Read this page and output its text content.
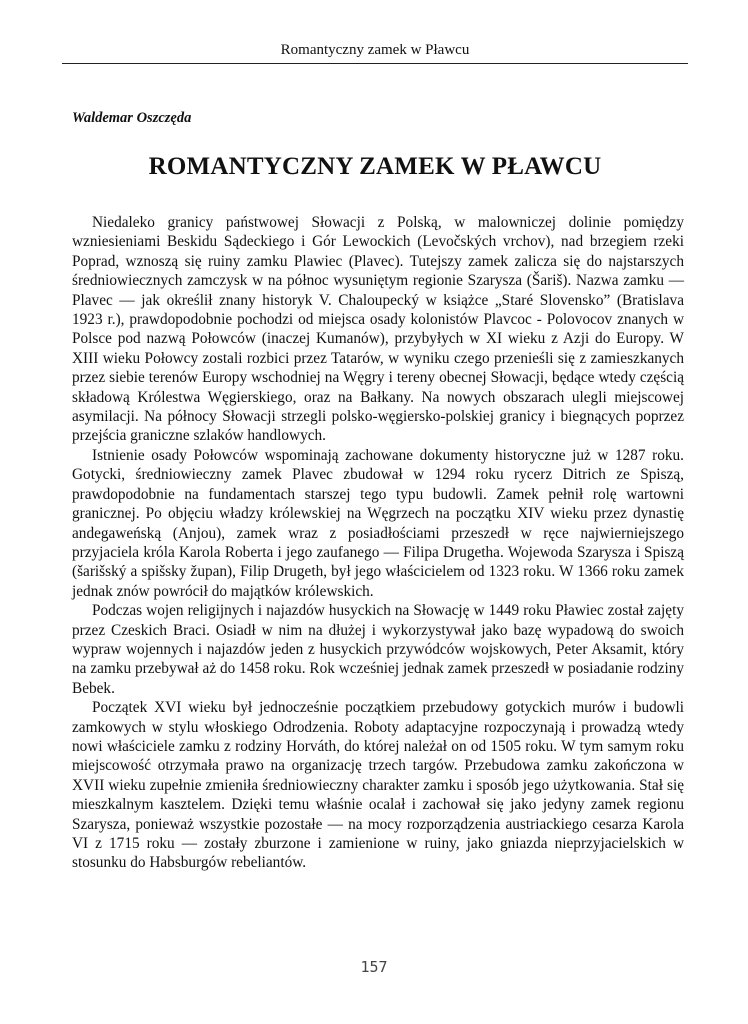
Romantyczny zamek w Pławcu
Waldemar Oszczęda
ROMANTYCZNY ZAMEK W PŁAWCU

Niedaleko granicy państwowej Słowacji z Polską, w malowniczej dolinie pomiędzy wzniesieniami Beskidu Sądeckiego i Gór Lewockich (Levočských vrchov), nad brzegiem rzeki Poprad, wznoszą się ruiny zamku Plawiec (Plavec). Tutejszy zamek zalicza się do najstarszych średniowiecznych zamczysk w na północ wysuniętym regionie Szarysza (Šariš). Nazwa zamku — Plavec — jak określił znany historyk V. Chaloupecký w książce „Staré Slovensko” (Bratislava 1923 r.), prawdopodobnie pochodzi od miejsca osady kolonistów Plavcoc - Polovocov znanych w Polsce pod nazwą Połowców (inaczej Kumanów), przybyłych w XI wieku z Azji do Europy. W XIII wieku Połowcy zostali rozbici przez Tatarów, w wyniku czego przenieśli się z zamieszkanych przez siebie terenów Europy wschodniej na Węgry i tereny obecnej Słowacji, będące wtedy częścią składową Królestwa Węgierskiego, oraz na Bałkany. Na nowych obszarach ulegli miejscowej asymilacji. Na północy Słowacji strzegli polsko-węgiersko-polskiej granicy i biegnących poprzez przejścia graniczne szlaków handlowych.

Istnienie osady Połowców wspominają zachowane dokumenty historyczne już w 1287 roku. Gotycki, średniowieczny zamek Plavec zbudował w 1294 roku rycerz Ditrich ze Spiszą, prawdopodobnie na fundamentach starszej tego typu budowli. Zamek pełnił rolę wartowni granicznej. Po objęciu władzy królewskiej na Węgrzech na początku XIV wieku przez dynastię andegaweńską (Anjou), zamek wraz z posiadłościami przeszedł w ręce najwierniejszego przyjaciela króla Karola Roberta i jego zaufanego — Filipa Drugetha. Wojewoda Szarysza i Spiszą (šarišský a spišsky župan), Filip Drugeth, był jego właścicielem od 1323 roku. W 1366 roku zamek jednak znów powrócił do majątków królewskich.

Podczas wojen religijnych i najazdów husyckich na Słowację w 1449 roku Pławiec został zajęty przez Czeskich Braci. Osiadł w nim na dłużej i wykorzystywał jako bazę wypadową do swoich wypraw wojennych i najazdów jeden z husyckich przywódców wojskowych, Peter Aksamit, który na zamku przebywał aż do 1458 roku. Rok wcześniej jednak zamek przeszedł w posiadanie rodziny Bebek.

Początek XVI wieku był jednocześnie początkiem przebudowy gotyckich murów i budowli zamkowych w stylu włoskiego Odrodzenia. Roboty adaptacyjne rozpoczynają i prowadzą wtedy nowi właściciele zamku z rodziny Horváth, do której należał on od 1505 roku. W tym samym roku miejscowość otrzymała prawo na organizację trzech targów. Przebudowa zamku zakończona w XVII wieku zupełnie zmieniła średniowieczny charakter zamku i sposób jego użytkowania. Stał się mieszkalnym kasztelem. Dzięki temu właśnie ocalał i zachował się jako jedyny zamek regionu Szarysza, ponieważ wszystkie pozostałe — na mocy rozporządzenia austriackiego cesarza Karola VI z 1715 roku — zostały zburzone i zamienione w ruiny, jako gniazda nieprzyjacielskich w stosunku do Habsburgów rebeliantów.

157
